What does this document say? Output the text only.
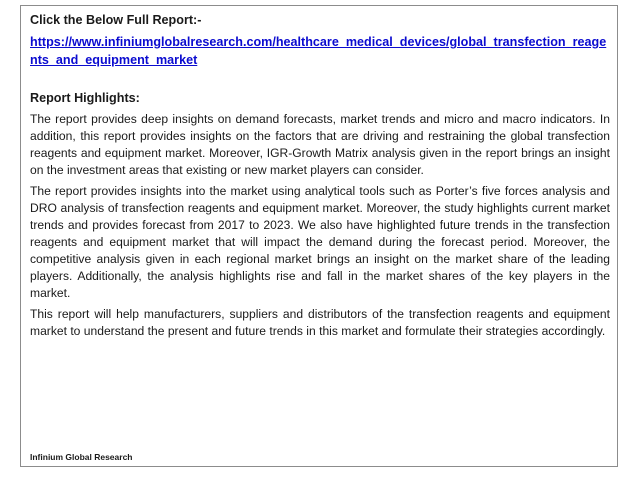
Click the Below Full Report:-

https://www.infiniumglobalresearch.com/healthcare_medical_devices/global_transfection_reagents_and_equipment_market

Report Highlights:

The report provides deep insights on demand forecasts, market trends and micro and macro indicators. In addition, this report provides insights on the factors that are driving and restraining the global transfection reagents and equipment market. Moreover, IGR-Growth Matrix analysis given in the report brings an insight on the investment areas that existing or new market players can consider.

The report provides insights into the market using analytical tools such as Porter’s five forces analysis and DRO analysis of transfection reagents and equipment market. Moreover, the study highlights current market trends and provides forecast from 2017 to 2023. We also have highlighted future trends in the transfection reagents and equipment market that will impact the demand during the forecast period. Moreover, the competitive analysis given in each regional market brings an insight on the market share of the leading players. Additionally, the analysis highlights rise and fall in the market shares of the key players in the market.

This report will help manufacturers, suppliers and distributors of the transfection reagents and equipment market to understand the present and future trends in this market and formulate their strategies accordingly.

Infinium Global Research
